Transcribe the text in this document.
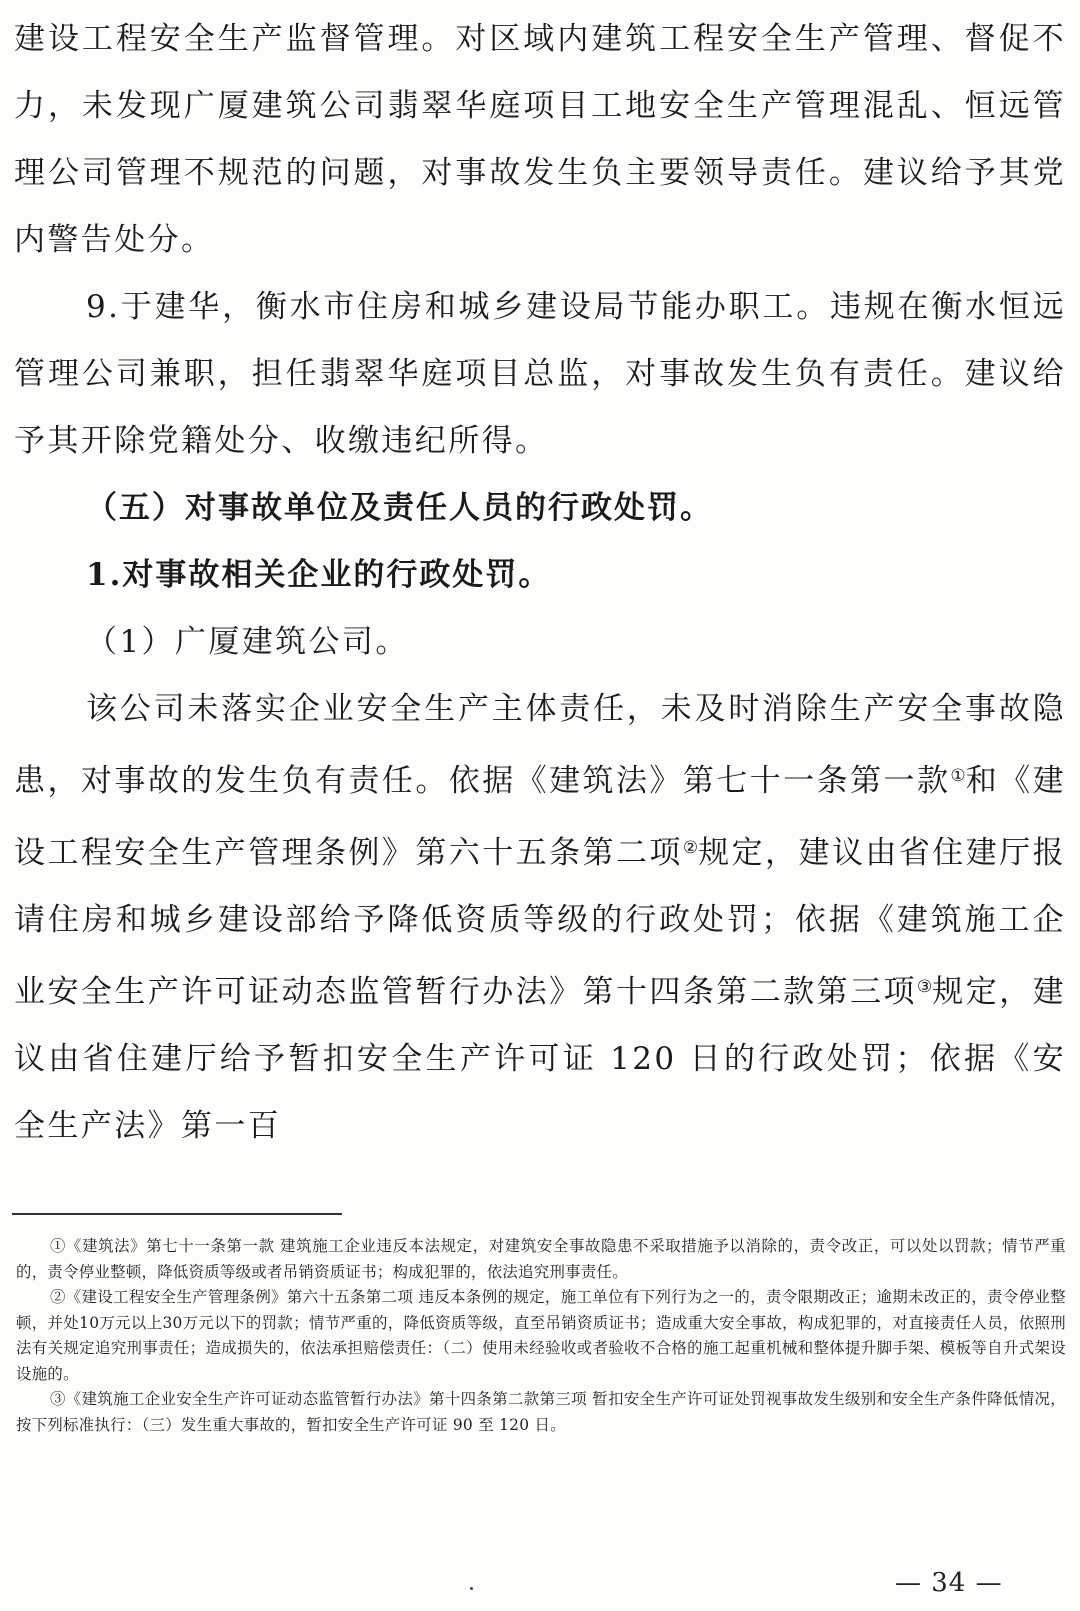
建设工程安全生产监督管理。对区域内建筑工程安全生产管理、督促不力，未发现广厦建筑公司翡翠华庭项目工地安全生产管理混乱、恒远管理公司管理不规范的问题，对事故发生负主要领导责任。建议给予其党内警告处分。

9.于建华，衡水市住房和城乡建设局节能办职工。违规在衡水恒远管理公司兼职，担任翡翠华庭项目总监，对事故发生负有责任。建议给予其开除党籍处分、收缴违纪所得。

（五）对事故单位及责任人员的行政处罚。

1.对事故相关企业的行政处罚。

（1）广厦建筑公司。

该公司未落实企业安全生产主体责任，未及时消除生产安全事故隐患，对事故的发生负有责任。依据《建筑法》第七十一条第一款①和《建设工程安全生产管理条例》第六十五条第二项②规定，建议由省住建厅报请住房和城乡建设部给予降低资质等级的行政处罚；依据《建筑施工企业安全生产许可证动态监管暂行办法》第十四条第二款第三项③规定，建议由省住建厅给予暂扣安全生产许可证 120 日的行政处罚；依据《安全生产法》第一百

①《建筑法》第七十一条第一款 建筑施工企业违反本法规定，对建筑安全事故隐患不采取措施予以消除的，责令改正，可以处以罚款；情节严重的，责令停业整顿，降低资质等级或者吊销资质证书；构成犯罪的，依法追究刑事责任。

②《建设工程安全生产管理条例》第六十五条第二项 违反本条例的规定，施工单位有下列行为之一的，责令限期改正；逾期未改正的，责令停业整顿，并处10万元以上30万元以下的罚款；情节严重的，降低资质等级，直至吊销资质证书；造成重大安全事故，构成犯罪的，对直接责任人员，依照刑法有关规定追究刑事责任；造成损失的，依法承担赔偿责任：（二）使用未经验收或者验收不合格的施工起重机械和整体提升脚手架、模板等自升式架设设施的。

③《建筑施工企业安全生产许可证动态监管暂行办法》第十四条第二款第三项 暂扣安全生产许可证处罚视事故发生级别和安全生产条件降低情况，按下列标准执行：（三）发生重大事故的，暂扣安全生产许可证 90 至 120 日。

— 34 —
